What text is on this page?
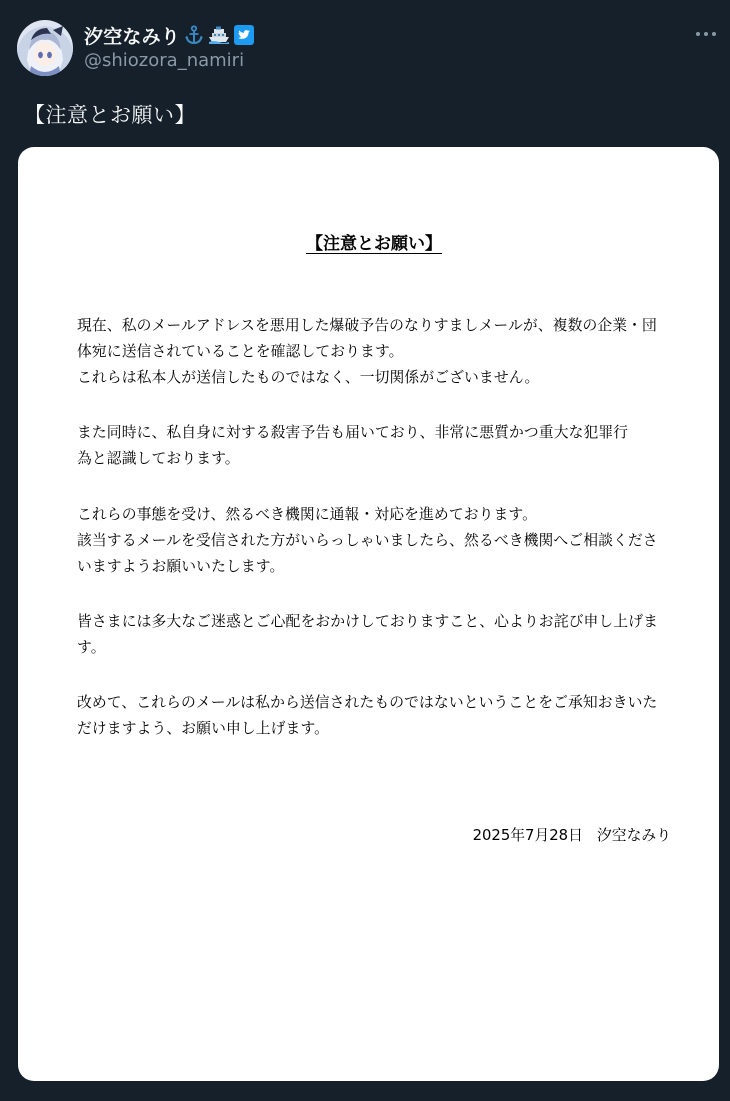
汐空なみり
@shiozora_namiri
【注意とお願い】
【注意とお願い】
現在、私のメールアドレスを悪用した爆破予告のなりすましメールが、複数の企業・団
体宛に送信されていることを確認しております。
これらは私本人が送信したものではなく、一切関係がございません。
また同時に、私自身に対する殺害予告も届いており、非常に悪質かつ重大な犯罪行
為と認識しております。
これらの事態を受け、然るべき機関に通報・対応を進めております。
該当するメールを受信された方がいらっしゃいましたら、然るべき機関へご相談くださ
いますようお願いいたします。
皆さまには多大なご迷惑とご心配をおかけしておりますこと、心よりお詫び申し上げま
す。
改めて、これらのメールは私から送信されたものではないということをご承知おきいた
だけますよう、お願い申し上げます。
2025年7月28日 汐空なみり
